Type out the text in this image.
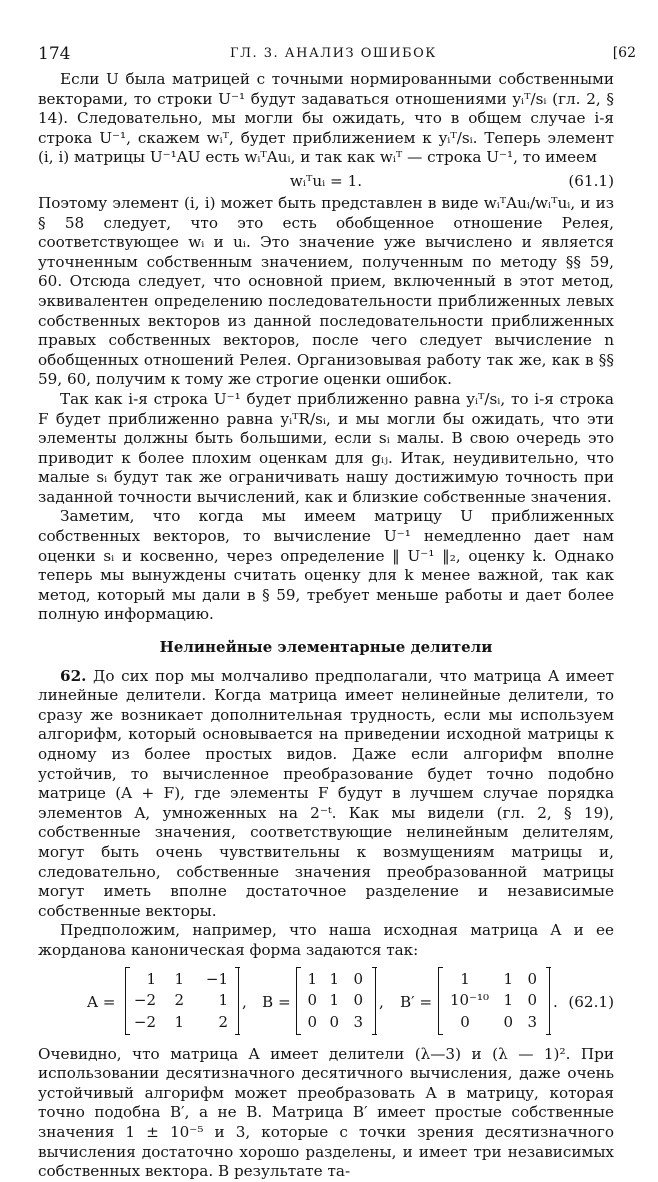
174	ГЛ. 3. АНАЛИЗ ОШИБОК	[62

Если U была матрицей с точными нормированными собственными векторами, то строки U⁻¹ будут задаваться отношениями yᵢᵀ/sᵢ (гл. 2, § 14). Следовательно, мы могли бы ожидать, что в общем случае i-я строка U⁻¹, скажем wᵢᵀ, будет приближением к yᵢᵀ/sᵢ. Теперь элемент (i, i) матрицы U⁻¹AU есть wᵢᵀAuᵢ, и так как wᵢᵀ — строка U⁻¹, то имеем

wᵢᵀuᵢ = 1.	(61.1)

Поэтому элемент (i, i) может быть представлен в виде wᵢᵀAuᵢ/wᵢᵀuᵢ, и из § 58 следует, что это есть обобщенное отношение Релея, соответствующее wᵢ и uᵢ. Это значение уже вычислено и является уточненным собственным значением, полученным по методу §§ 59, 60. Отсюда следует, что основной прием, включенный в этот метод, эквивалентен определению последовательности приближенных левых собственных векторов из данной последовательности приближенных правых собственных векторов, после чего следует вычисление n обобщенных отношений Релея. Организовывая работу так же, как в §§ 59, 60, получим к тому же строгие оценки ошибок.

Так как i-я строка U⁻¹ будет приближенно равна yᵢᵀ/sᵢ, то i-я строка F будет приближенно равна yᵢᵀR/sᵢ, и мы могли бы ожидать, что эти элементы должны быть большими, если sᵢ малы. В свою очередь это приводит к более плохим оценкам для gᵢⱼ. Итак, неудивительно, что малые sᵢ будут так же ограничивать нашу достижимую точность при заданной точности вычислений, как и близкие собственные значения.

Заметим, что когда мы имеем матрицу U приближенных собственных векторов, то вычисление U⁻¹ немедленно дает нам оценки sᵢ и косвенно, через определение ‖ U⁻¹ ‖₂, оценку k. Однако теперь мы вынуждены считать оценку для k менее важной, так как метод, который мы дали в § 59, требует меньше работы и дает более полную информацию.

Нелинейные элементарные делители

62. До сих пор мы молчаливо предполагали, что матрица A имеет линейные делители. Когда матрица имеет нелинейные делители, то сразу же возникает дополнительная трудность, если мы используем алгорифм, который основывается на приведении исходной матрицы к одному из более простых видов. Даже если алгорифм вполне устойчив, то вычисленное преобразование будет точно подобно матрице (A + F), где элементы F будут в лучшем случае порядка элементов A, умноженных на 2⁻ᵗ. Как мы видели (гл. 2, § 19), собственные значения, соответствующие нелинейным делителям, могут быть очень чувствительны к возмущениям матрицы и, следовательно, собственные значения преобразованной матрицы могут иметь вполне достаточное разделение и независимые собственные векторы.

Предположим, например, что наша исходная матрица A и ее жорданова каноническая форма задаются так:

A =
1	1	−1
−2	2	1
−2	1	2
, B =
1 1 0
0 1 0
0 0 3
, B′ =
1	1 0
10⁻¹⁰ 1 0
0	0 3
. (62.1)

Очевидно, что матрица A имеет делители (λ—3) и (λ — 1)². При использовании десятизначного десятичного вычисления, даже очень устойчивый алгорифм может преобразовать A в матрицу, которая точно подобна B′, а не B. Матрица B′ имеет простые собственные значения 1 ± 10⁻⁵ и 3, которые с точки зрения десятизначного вычисления достаточно хорошо разделены, и имеет три независимых собственных вектора. В результате та-
